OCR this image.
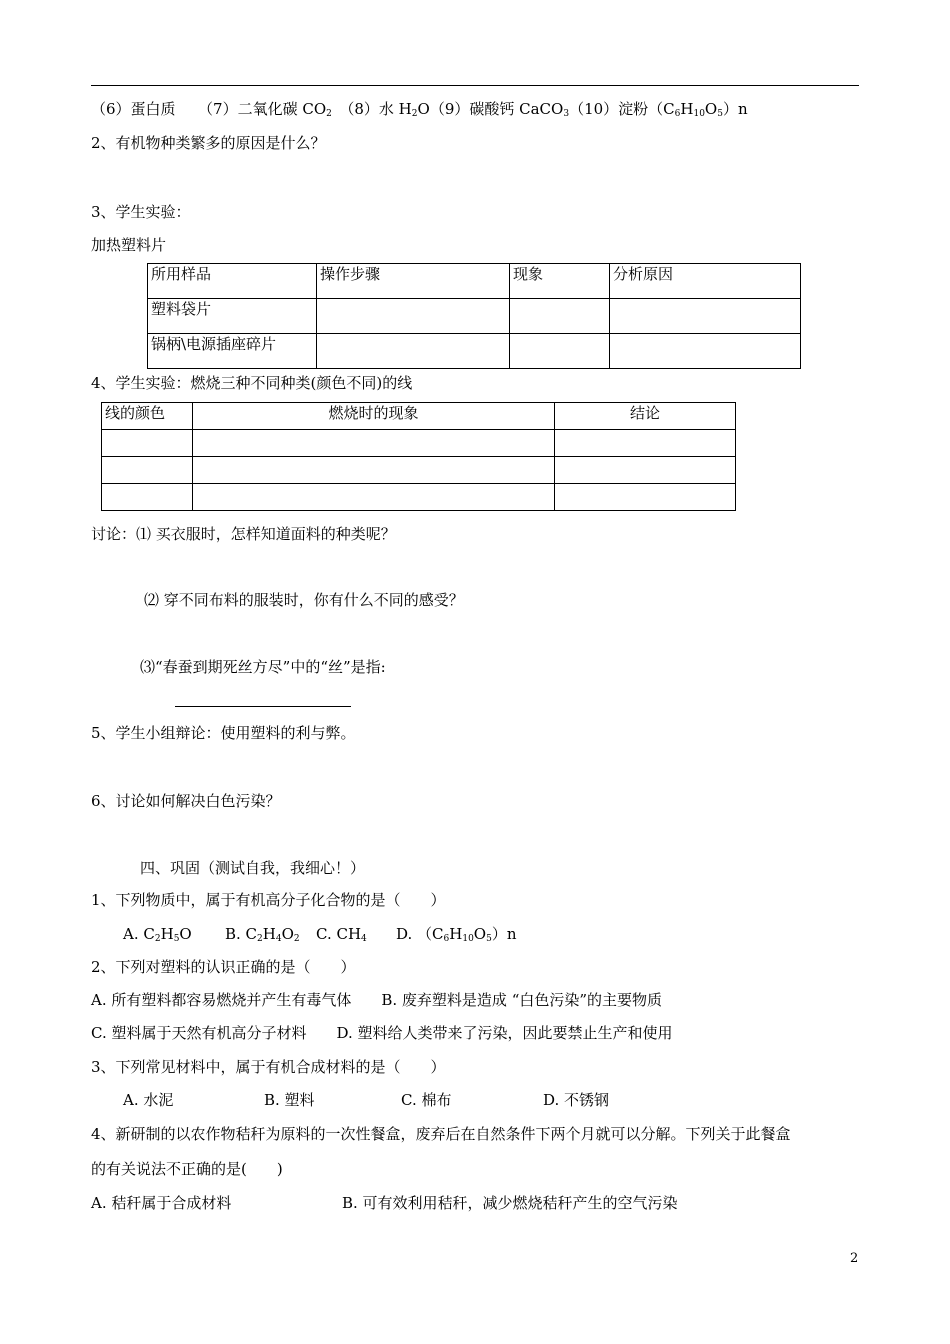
（6）蛋白质　　（7）二氧化碳 $CO_2$　（8）水 $H_2O(9)$碳酸钙 CaCO$_3$（10）淀粉$(C_6H_{10}O_5)n$
2、有机物种类繁多的原因是什么？
3、学生实验：
加热塑料片
所用样品	操作步骤	现象	分析原因
塑料袋片			
锅柄\电源插座碎片			
4、学生实验：燃烧三种不同种类(颜色不同)的线
线的颜色	燃烧时的现象	结论

讨论：⑴ 买衣服时，怎样知道面料的种类呢？
⑵ 穿不同布料的服装时，你有什么不同的感受？
⑶“春蚕到期死丝方尽”中的“丝”是指:
5、学生小组辩论：使用塑料的利与弊。
6、讨论如何解决白色污染？
四、巩固（测试自我，我细心！）
1、下列物质中，属于有机高分子化合物的是（　　）
A. $C_2H_5O$ B. $C_2H_4O_2$ C. $CH_4$ D. $(C_6H_{10}O_5)n$
2、下列对塑料的认识正确的是（　　）
A. 所有塑料都容易燃烧并产生有毒气体　　B. 废弃塑料是造成 “白色污染”的主要物质
C. 塑料属于天然有机高分子材料　　D. 塑料给人类带来了污染，因此要禁止生产和使用
3、下列常见材料中，属于有机合成材料的是（　　）
A. 水泥	B. 塑料	C. 棉布	D. 不锈钢
4、新研制的以农作物秸秆为原料的一次性餐盒，废弃后在自然条件下两个月就可以分解。下列关于此餐盒
的有关说法不正确的是(　　)
A. 秸秆属于合成材料	B. 可有效利用秸秆，减少燃烧秸秆产生的空气污染
2
